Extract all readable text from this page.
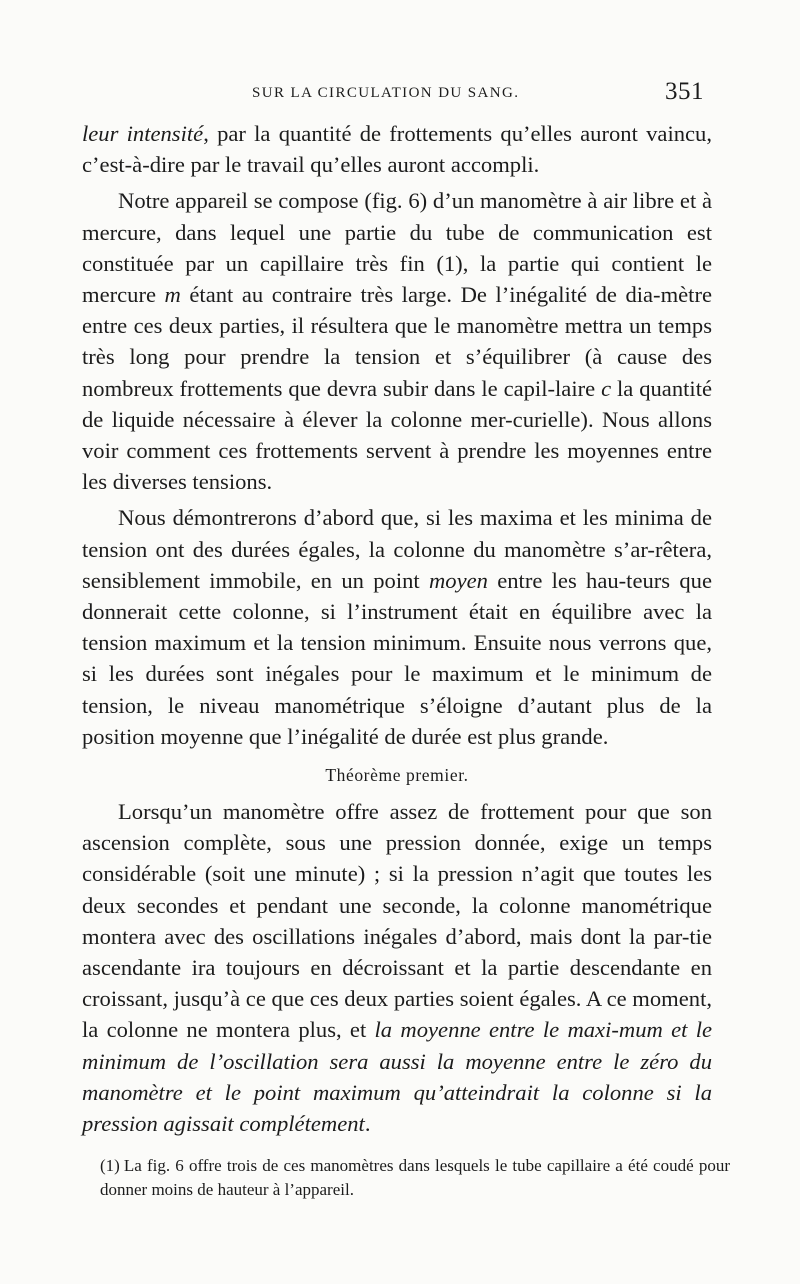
SUR LA CIRCULATION DU SANG.	351

leur intensité, par la quantité de frottements qu’elles auront vaincu, c’est-à-dire par le travail qu’elles auront accompli.

Notre appareil se compose (fig. 6) d’un manomètre à air libre et à mercure, dans lequel une partie du tube de communication est constituée par un capillaire très fin (1), la partie qui contient le mercure m étant au contraire très large. De l’inégalité de dia-mètre entre ces deux parties, il résultera que le manomètre mettra un temps très long pour prendre la tension et s’équilibrer (à cause des nombreux frottements que devra subir dans le capil-laire c la quantité de liquide nécessaire à élever la colonne mer-curielle). Nous allons voir comment ces frottements servent à prendre les moyennes entre les diverses tensions.

Nous démontrerons d’abord que, si les maxima et les minima de tension ont des durées égales, la colonne du manomètre s’ar-rêtera, sensiblement immobile, en un point moyen entre les hau-teurs que donnerait cette colonne, si l’instrument était en équilibre avec la tension maximum et la tension minimum. Ensuite nous verrons que, si les durées sont inégales pour le maximum et le minimum de tension, le niveau manométrique s’éloigne d’autant plus de la position moyenne que l’inégalité de durée est plus grande.

Théorème premier.

Lorsqu’un manomètre offre assez de frottement pour que son ascension complète, sous une pression donnée, exige un temps considérable (soit une minute) ; si la pression n’agit que toutes les deux secondes et pendant une seconde, la colonne manométrique montera avec des oscillations inégales d’abord, mais dont la par-tie ascendante ira toujours en décroissant et la partie descendante en croissant, jusqu’à ce que ces deux parties soient égales. A ce moment, la colonne ne montera plus, et la moyenne entre le maxi-mum et le minimum de l’oscillation sera aussi la moyenne entre le zéro du manomètre et le point maximum qu’atteindrait la colonne si la pression agissait complétement.

(1) La fig. 6 offre trois de ces manomètres dans lesquels le tube capillaire a été coudé pour donner moins de hauteur à l’appareil.
